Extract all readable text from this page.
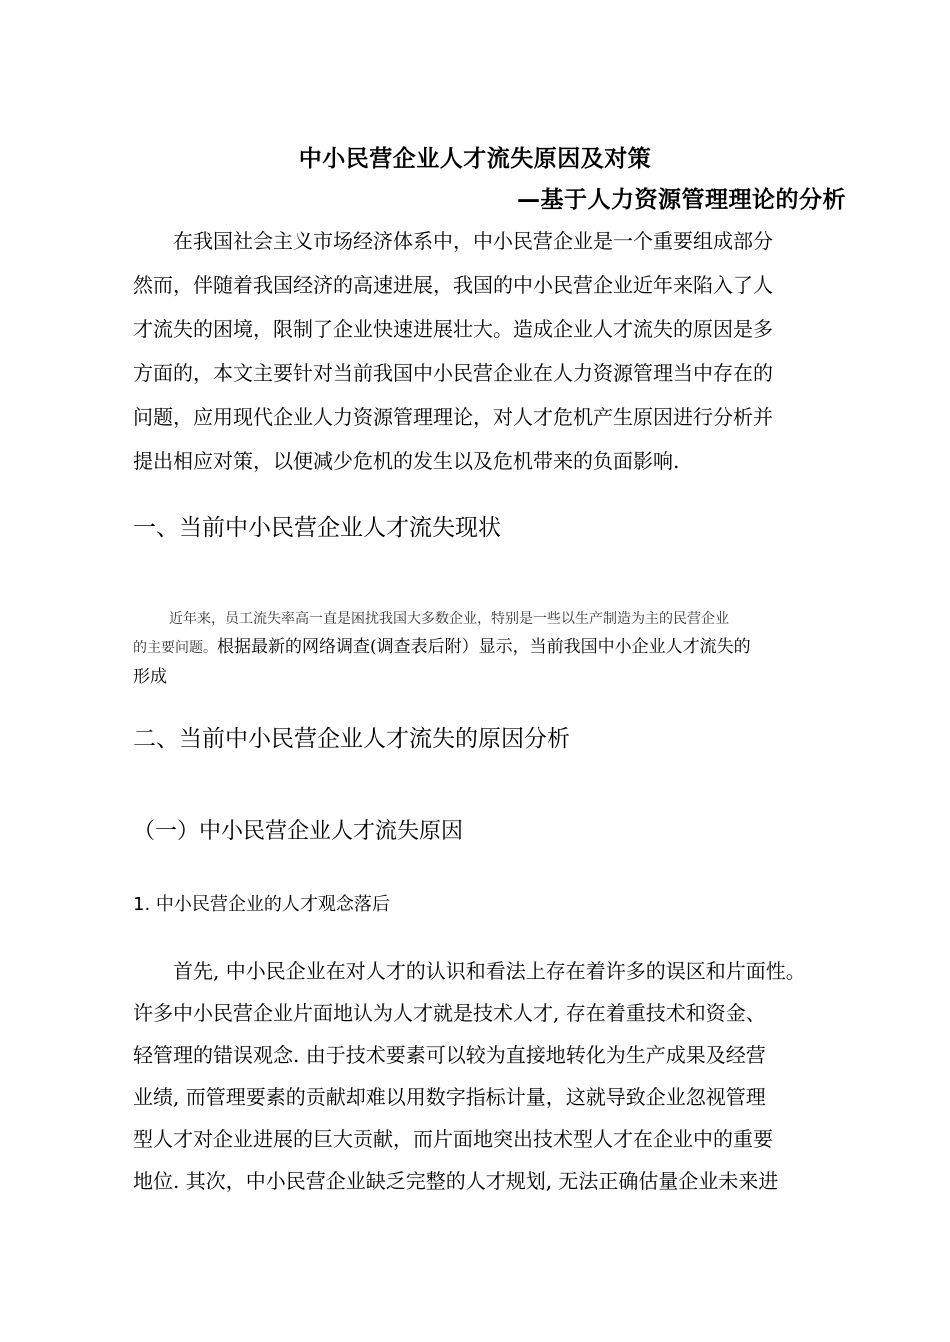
中小民营企业人才流失原因及对策
—基于人力资源管理理论的分析

在我国社会主义市场经济体系中，中小民营企业是一个重要组成部分
然而，伴随着我国经济的高速进展，我国的中小民营企业近年来陷入了人
才流失的困境，限制了企业快速进展壮大。造成企业人才流失的原因是多
方面的，本文主要针对当前我国中小民营企业在人力资源管理当中存在的
问题，应用现代企业人力资源管理理论，对人才危机产生原因进行分析并
提出相应对策，以便减少危机的发生以及危机带来的负面影响.

一、当前中小民营企业人才流失现状

近年来，员工流失率高一直是困扰我国大多数企业，特别是一些以生产制造为主的民营企业
的主要问题。根据最新的网络调查(调查表后附）显示，当前我国中小企业人才流失的
形成

二、当前中小民营企业人才流失的原因分析
（一）中小民营企业人才流失原因
1. 中小民营企业的人才观念落后

首先, 中小民企业在对人才的认识和看法上存在着许多的误区和片面性。
许多中小民营企业片面地认为人才就是技术人才, 存在着重技术和资金、
轻管理的错误观念. 由于技术要素可以较为直接地转化为生产成果及经营
业绩, 而管理要素的贡献却难以用数字指标计量，这就导致企业忽视管理
型人才对企业进展的巨大贡献，而片面地突出技术型人才在企业中的重要
地位. 其次，中小民营企业缺乏完整的人才规划, 无法正确估量企业未来进
